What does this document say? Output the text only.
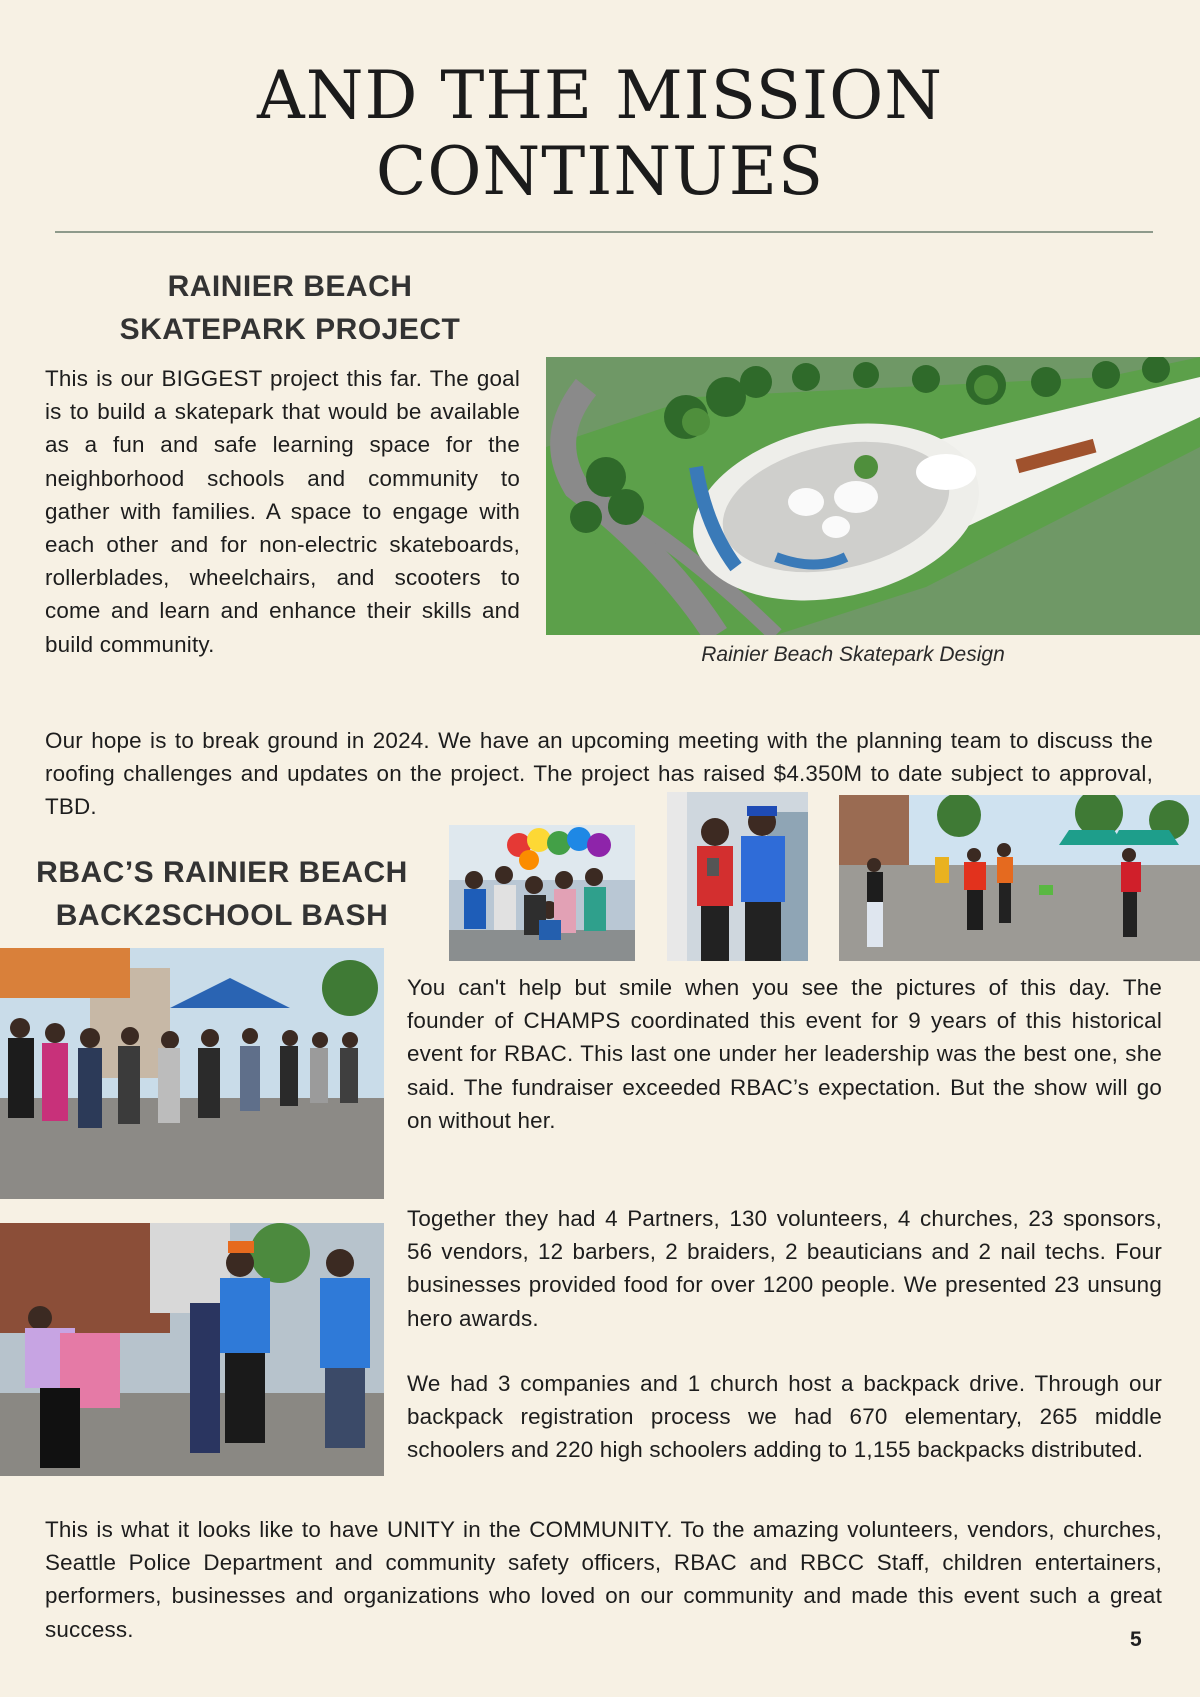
AND THE MISSION
CONTINUES
RAINIER BEACH
SKATEPARK PROJECT

This is our BIGGEST project this far. The goal is to build a skatepark that would be available as a fun and safe learning space for the neighborhood schools and community to gather with families. A space to engage with each other and for non-electric skateboards, rollerblades, wheelchairs, and scooters to come and learn and enhance their skills and build community.	Rainier Beach Skatepark Design

Our hope is to break ground in 2024. We have an upcoming meeting with the planning team to discuss the roofing challenges and updates on the project. The project has raised $4.350M to date subject to approval, TBD.

RBAC’S RAINIER BEACH
BACK2SCHOOL BASH

You can't help but smile when you see the pictures of this day. The founder of CHAMPS coordinated this event for 9 years of this historical event for RBAC. This last one under her leadership was the best one, she said. The fundraiser exceeded RBAC’s expectation. But the show will go on without her.

Together they had 4 Partners, 130 volunteers, 4 churches, 23 sponsors, 56 vendors, 12 barbers, 2 braiders, 2 beauticians and 2 nail techs. Four businesses provided food for over 1200 people. We presented 23 unsung hero awards.

We had 3 companies and 1 church host a backpack drive. Through our backpack registration process we had 670 elementary, 265 middle schoolers and 220 high schoolers adding to 1,155 backpacks distributed.

This is what it looks like to have UNITY in the COMMUNITY. To the amazing volunteers, vendors, churches, Seattle Police Department and community safety officers, RBAC and RBCC Staff, children entertainers, performers, businesses and organizations who loved on our community and made this event such a great success.	5
